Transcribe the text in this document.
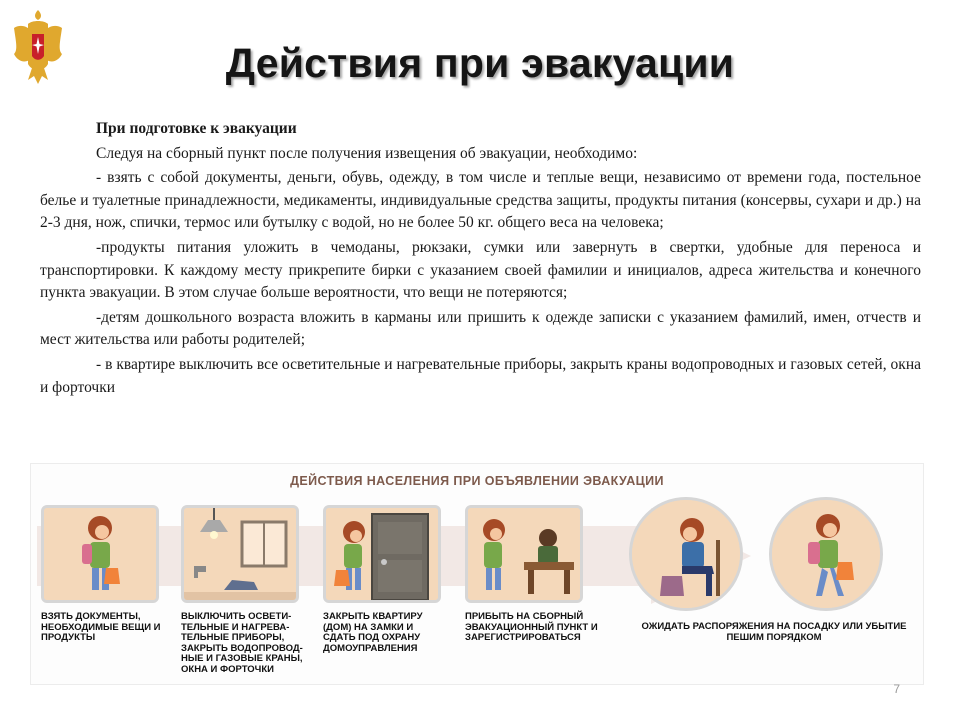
Действия при эвакуации

При подготовке к эвакуации

Следуя на сборный пункт после получения извещения об эвакуации, необходимо:

- взять с собой документы, деньги, обувь, одежду, в том числе и теплые вещи, независимо от времени года, постельное белье и туалетные принадлежности, медикаменты, индивидуальные средства защиты, продукты питания (консервы, сухари и др.) на 2-3 дня, нож, спички, термос или бутылку с водой, но не более 50 кг. общего веса на человека;

-продукты питания уложить в чемоданы, рюкзаки, сумки или завернуть в свертки, удобные для переноса и транспортировки. К каждому месту прикрепите бирки с указанием своей фамилии и инициалов, адреса жительства и конечного пункта эвакуации. В этом случае больше вероятности, что вещи не потеряются;

-детям дошкольного возраста вложить в карманы или пришить к одежде записки с указанием фамилий, имен, отчеств и мест жительства или работы родителей;

- в квартире выключить все осветительные и нагревательные приборы, закрыть краны водопроводных и газовых сетей, окна и форточки

ДЕЙСТВИЯ НАСЕЛЕНИЯ ПРИ ОБЪЯВЛЕНИИ ЭВАКУАЦИИ
ВЗЯТЬ ДОКУМЕНТЫ, НЕОБХОДИМЫЕ ВЕЩИ И ПРОДУКТЫ
ВЫКЛЮЧИТЬ ОСВЕТИ-ТЕЛЬНЫЕ И НАГРЕВА-ТЕЛЬНЫЕ ПРИБОРЫ, ЗАКРЫТЬ ВОДОПРОВОД-НЫЕ И ГАЗОВЫЕ КРАНЫ, ОКНА И ФОРТОЧКИ
ЗАКРЫТЬ КВАРТИРУ (ДОМ) НА ЗАМКИ И СДАТЬ ПОД ОХРАНУ ДОМОУПРАВЛЕНИЯ
ПРИБЫТЬ НА СБОРНЫЙ ЭВАКУАЦИОННЫЙ ПУНКТ И ЗАРЕГИСТРИРОВАТЬСЯ
ОЖИДАТЬ РАСПОРЯЖЕНИЯ НА ПОСАДКУ ИЛИ УБЫТИЕ ПЕШИМ ПОРЯДКОМ
7
